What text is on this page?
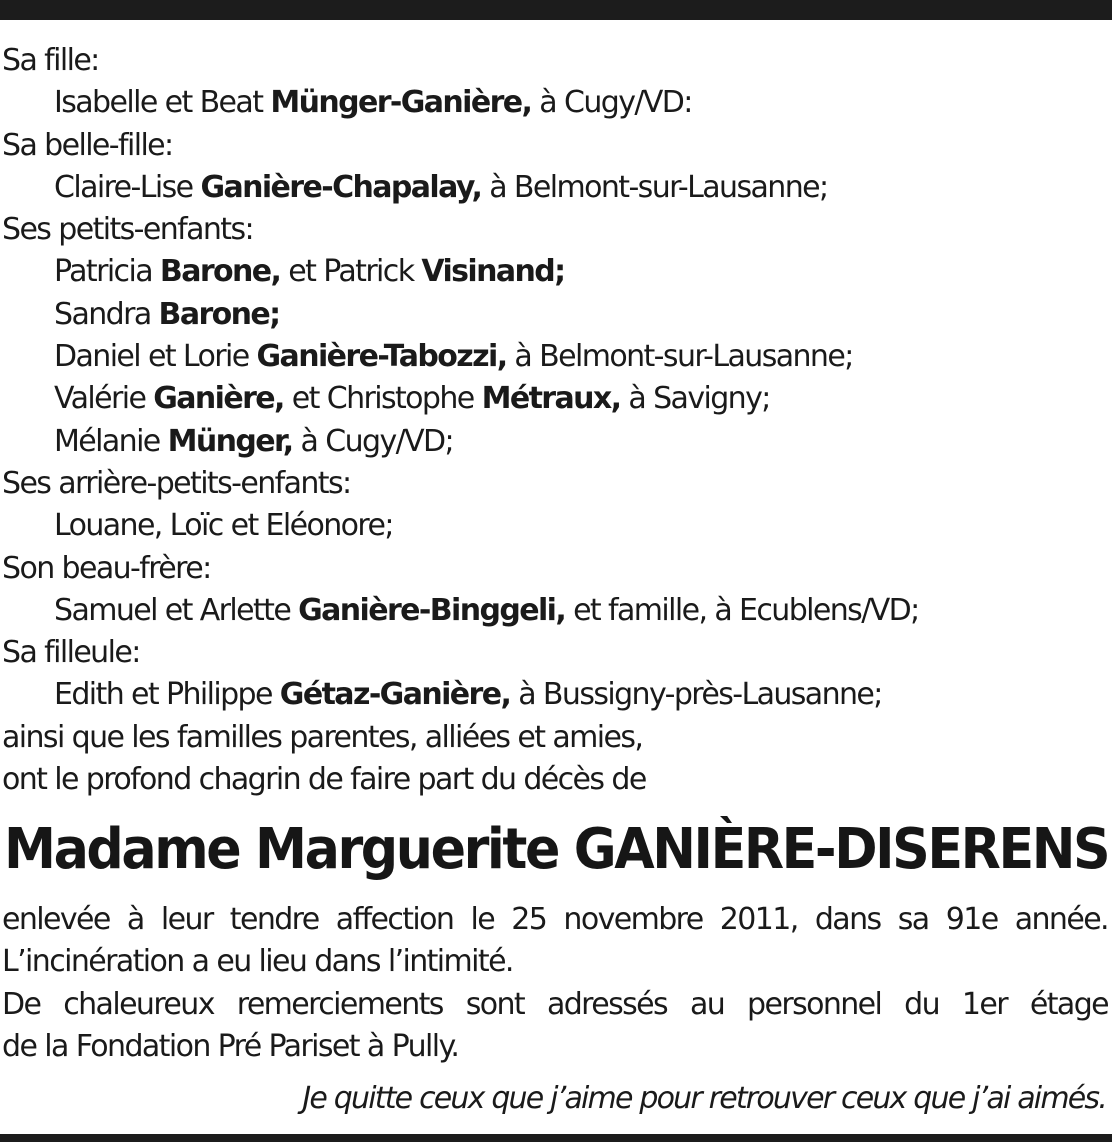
Sa fille:
Isabelle et Beat Münger-Ganière, à Cugy/VD:
Sa belle-fille:
Claire-Lise Ganière-Chapalay, à Belmont-sur-Lausanne;
Ses petits-enfants:
Patricia Barone, et Patrick Visinand;
Sandra Barone;
Daniel et Lorie Ganière-Tabozzi, à Belmont-sur-Lausanne;
Valérie Ganière, et Christophe Métraux, à Savigny;
Mélanie Münger, à Cugy/VD;
Ses arrière-petits-enfants:
Louane, Loïc et Eléonore;
Son beau-frère:
Samuel et Arlette Ganière-Binggeli, et famille, à Ecublens/VD;
Sa filleule:
Edith et Philippe Gétaz-Ganière, à Bussigny-près-Lausanne;
ainsi que les familles parentes, alliées et amies,
ont le profond chagrin de faire part du décès de
Madame Marguerite GANIÈRE-DISERENS
enlevée à leur tendre affection le 25 novembre 2011, dans sa 91e année.
L’incinération a eu lieu dans l’intimité.
De chaleureux remerciements sont adressés au personnel du 1er étage
de la Fondation Pré Pariset à Pully.
Je quitte ceux que j’aime pour retrouver ceux que j’ai aimés.
